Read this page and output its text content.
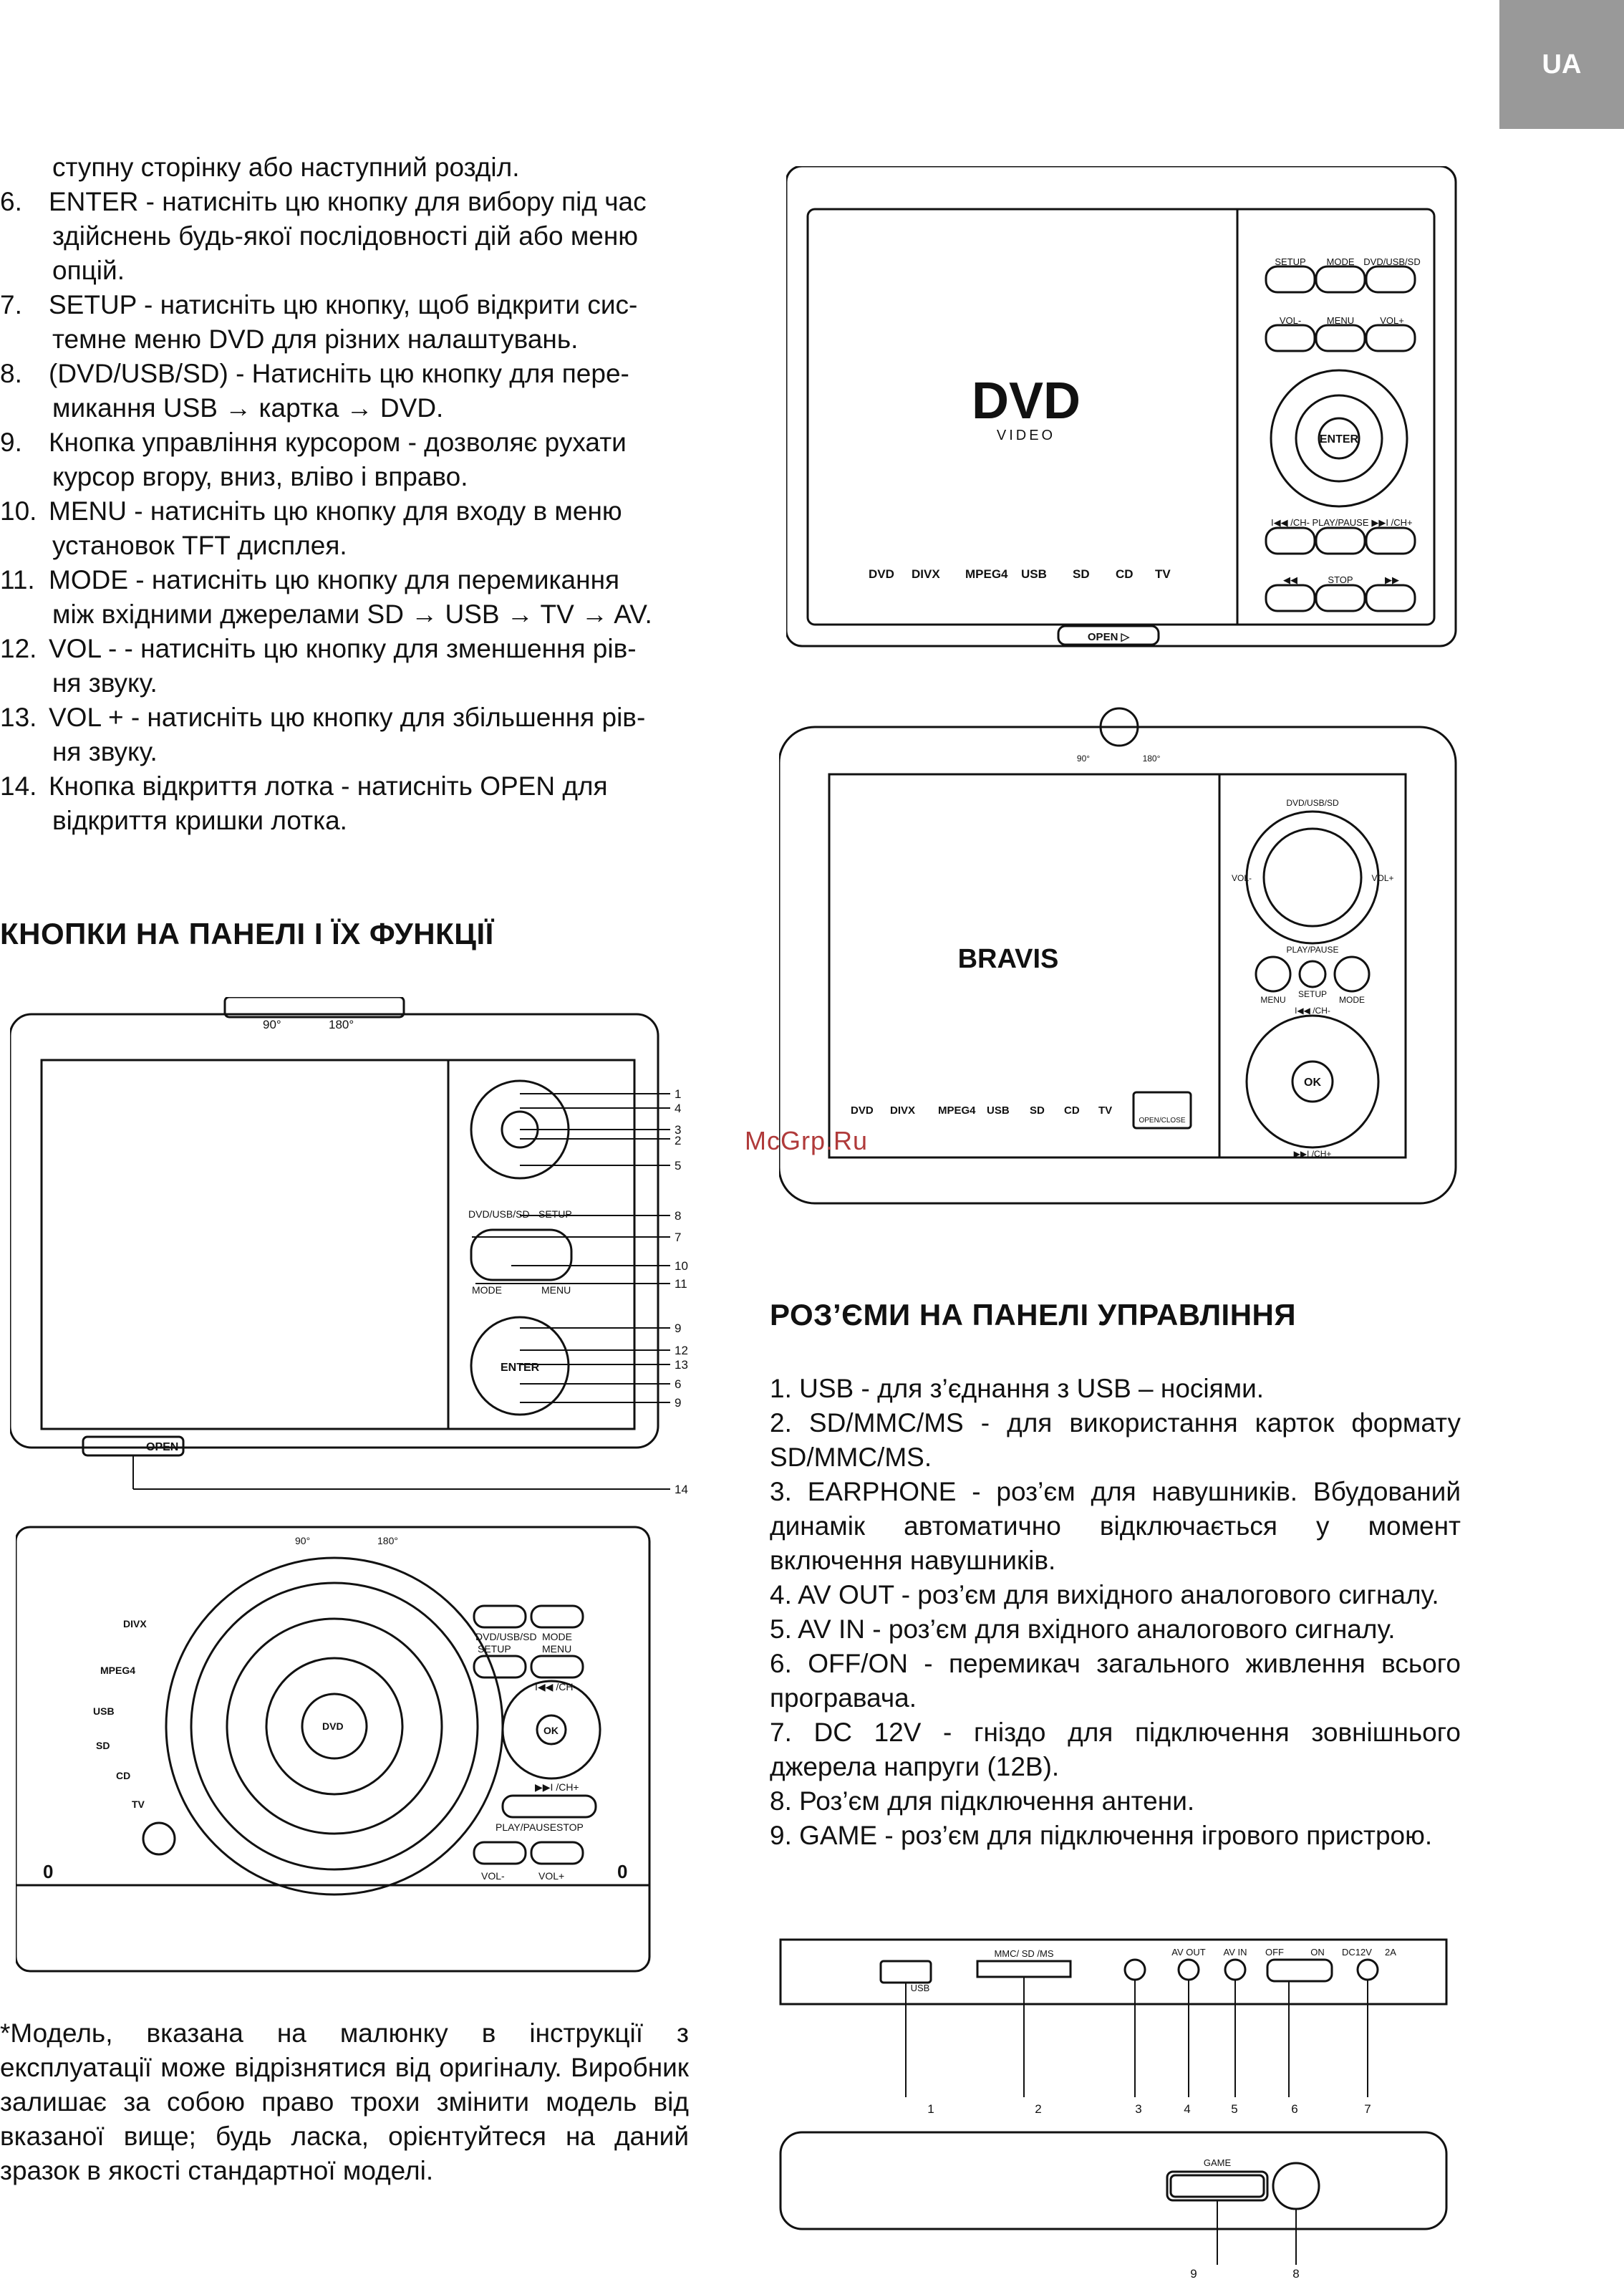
UA
ступну сторінку або наступний розділ.
6.	ENTER - натисніть цю кнопку для вибору під час
здійснень будь-якої послідовності дій або меню
опцій.
7.	SETUP - натисніть цю кнопку, щоб відкрити сис-
темне меню DVD для різних налаштувань.
8.	(DVD/USB/SD) - Натисніть цю кнопку для пере-
микання USB → картка → DVD.
9.	Кнопка управління курсором - дозволяє рухати
курсор вгору, вниз, вліво і вправо.
10. MENU - натисніть цю кнопку для входу в меню
установок TFT дисплея.
11. MODE - натисніть цю кнопку для перемикання
між вхідними джерелами SD → USB → TV → AV.
12. VOL - - натисніть цю кнопку для зменшення рів-
ня звуку.
13. VOL + - натисніть цю кнопку для збільшення рів-
ня звуку.
14. Кнопка відкриття лотка - натисніть OPEN для
відкриття кришки лотка.
КНОПКИ НА ПАНЕЛІ І ЇХ ФУНКЦІЇ
90°	180°
1
4
3
2
5
8
7
10
11
9
12
13
6
9
14
DVD/USB/SD SETUP
MODE	MENU
ENTER
OPEN
90°	180°
DIVX
MPEG4
USB
SD
CD
TV
DVD
DVD/USB/SD MODE
SETUP	MENU
I◀◀ /CH-
OK
▶▶I /CH+
PLAY/PAUSE STOP
VOL-	VOL+
0	0
*Модель, вказана на малюнку в інструкції з експлуатації може відрізнятися від оригіналу. Виробник залишає за собою право трохи змінити модель від вказаної вище; будь ласка, орієнтуйтеся на даний зразок в якості стандартної моделі.
SETUP MODE DVD/USB/SD
VOL-	MENU	VOL+
ENTER
I◀◀ /CH- PLAY/PAUSE ▶▶I /CH+
◀◀	STOP	▶▶
DVD
VIDEO
OPEN ▷
DVD DIVX MPEG4 USB SD CD TV
90°	180°
DVD/USB/SD
VOL-	VOL+
PLAY/PAUSE
MENU
SETUP
MODE
I◀◀ /CH-
OK
▶▶I /CH+
OPEN/CLOSE
BRAVIS
DVD DIVX MPEG4 USB SD CD TV
McGrp.Ru
РОЗ’ЄМИ НА ПАНЕЛІ УПРАВЛІННЯ

1. USB - для з’єднання з USB – носіями.

2. SD/MMC/MS - для використання карток формату SD/MMC/MS.

3. EARPHONE - роз’єм для навушників. Вбудований динамік автоматично відключається у момент включення навушників.

4. AV OUT - роз’єм для вихідного аналогового сигналу.

5. AV IN - роз’єм для вхідного аналогового сигналу.

6. OFF/ON - перемикач загального живлення всього програвача.

7. DC 12V - гніздо для підключення зовнішнього джерела напруги (12В).

8. Роз’єм для підключення антени.

9. GAME - роз’єм для підключення ігрового пристрою.

USB
MMC/ SD /MS	AV OUT AV IN OFF	ON DC12V 2A
1	2	3	4	5	6	7
GAME
9	8
